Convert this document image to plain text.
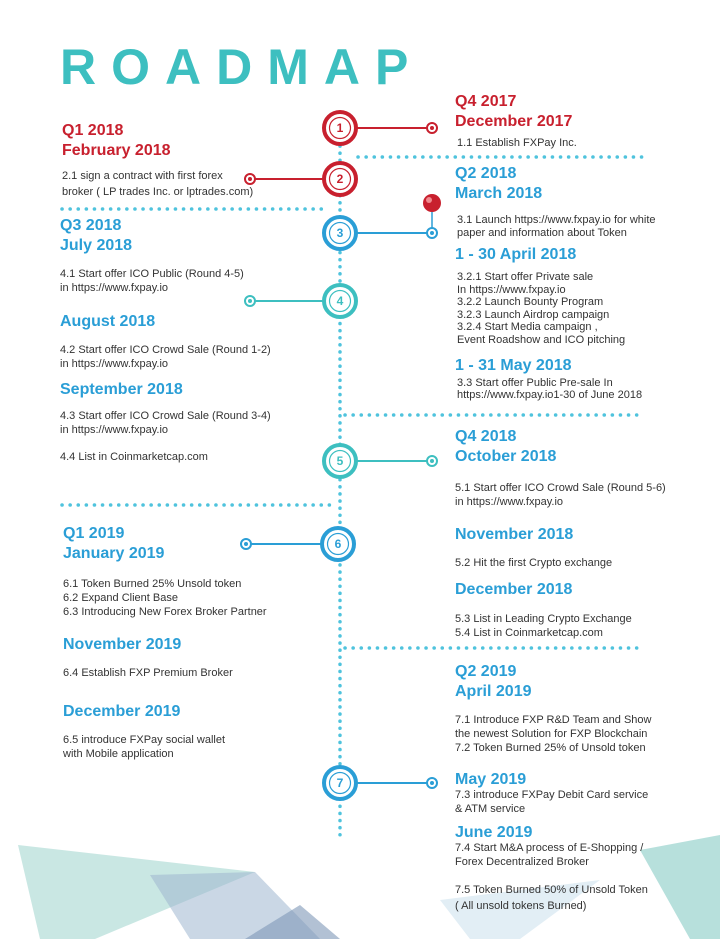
ROADMAP
1
2
3
4
5
6
7
Q4 2017
December 2017
1.1 Establish FXPay Inc.
Q1 2018
February 2018
2.1 sign a contract with first forex
broker ( LP trades Inc. or lptrades.com)
Q2 2018
March 2018
3.1 Launch https://www.fxpay.io for white
paper and information about Token
1 - 30 April 2018
3.2.1 Start offer Private sale
In https://www.fxpay.io
3.2.2 Launch Bounty Program
3.2.3 Launch Airdrop campaign
3.2.4 Start Media campaign ,
Event Roadshow and ICO pitching
1 - 31 May 2018
3.3 Start offer Public Pre-sale In
https://www.fxpay.io1-30 of June 2018
Q3 2018
July 2018
4.1 Start offer ICO Public (Round 4-5)
in https://www.fxpay.io
August 2018
4.2 Start offer ICO Crowd Sale (Round 1-2)
in https://www.fxpay.io
September 2018
4.3 Start offer ICO Crowd Sale (Round 3-4)
in https://www.fxpay.io
4.4 List in Coinmarketcap.com
Q4 2018
October 2018
5.1 Start offer ICO Crowd Sale (Round 5-6)
in https://www.fxpay.io
November 2018
5.2 Hit the first Crypto exchange
December 2018
5.3 List in Leading Crypto Exchange
5.4 List in Coinmarketcap.com
Q1 2019
January 2019
6.1 Token Burned 25% Unsold token
6.2 Expand Client Base
6.3 Introducing New Forex Broker Partner
November 2019
6.4 Establish FXP Premium Broker
December 2019
6.5 introduce FXPay social wallet
with Mobile application
Q2 2019
April 2019
7.1 Introduce FXP R&D Team and Show
the newest Solution for FXP Blockchain
7.2 Token Burned 25% of Unsold token
May 2019
7.3 introduce FXPay Debit Card service
& ATM service
June 2019
7.4 Start M&A process of E-Shopping /
Forex Decentralized Broker
7.5 Token Burned 50% of Unsold Token
( All unsold tokens Burned)
